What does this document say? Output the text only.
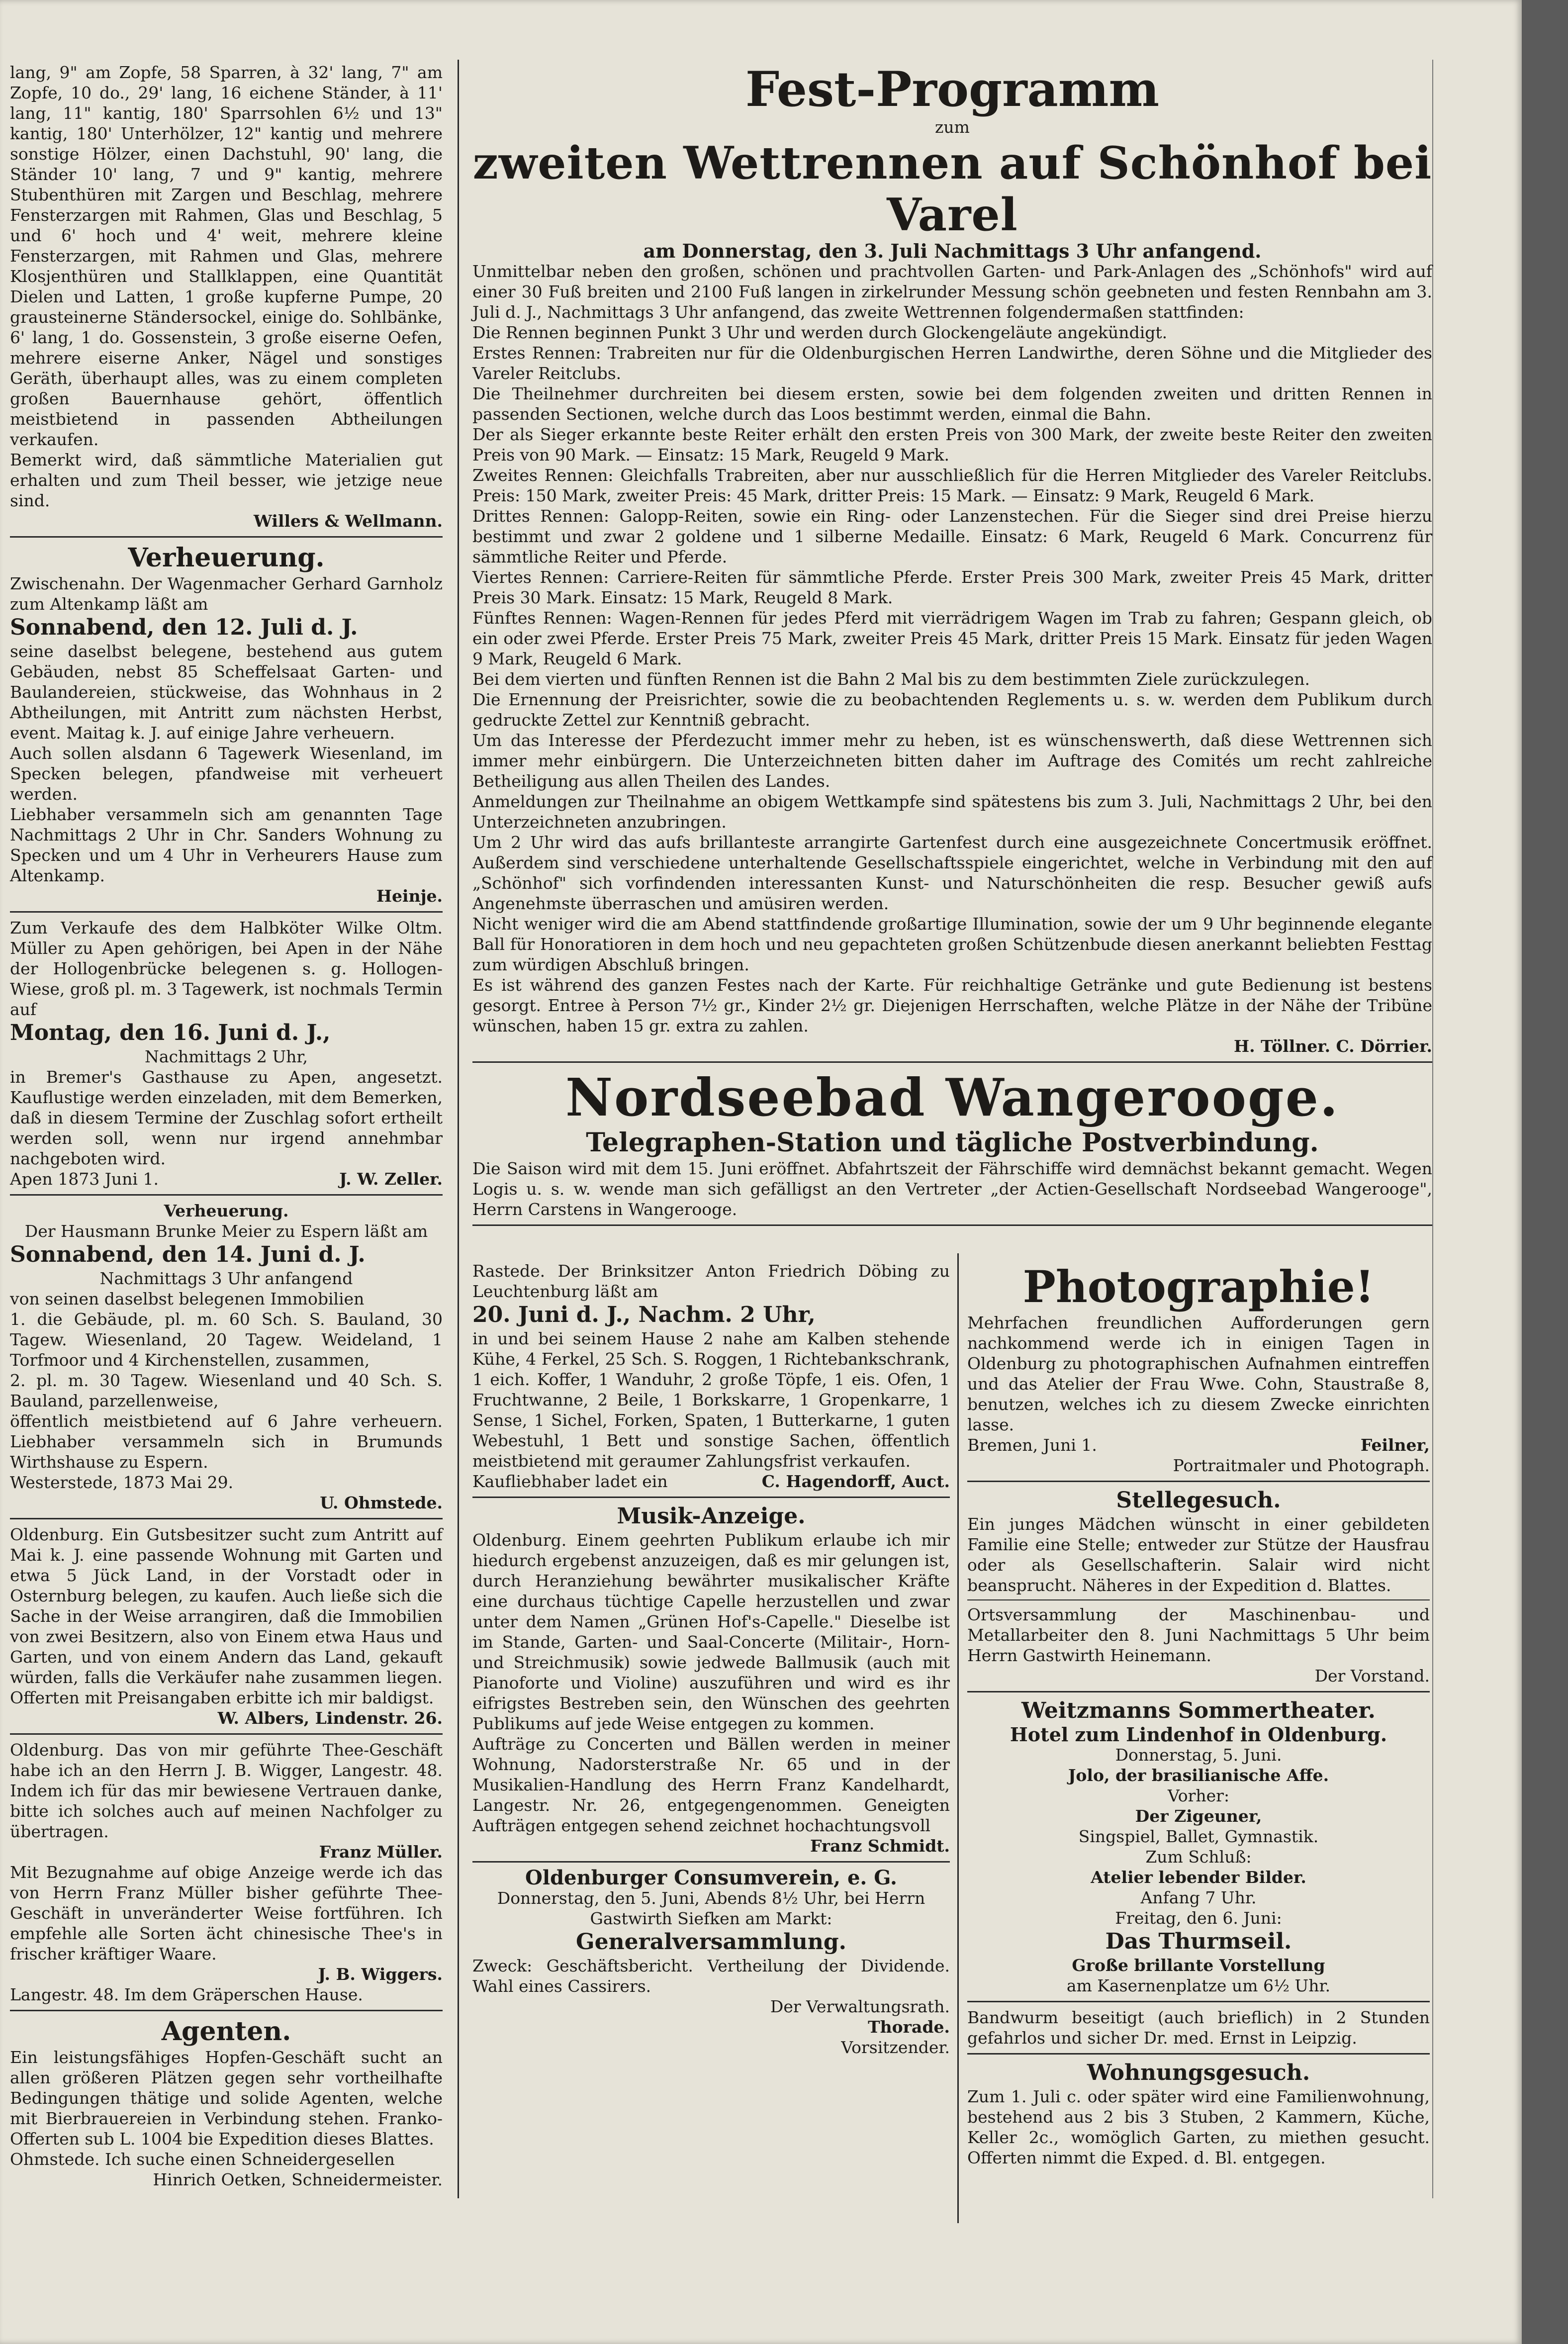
lang, 9" am Zopfe, 58 Sparren, à 32' lang, 7" am Zopfe, 10 do., 29' lang, 16 eichene Ständer, à 11' lang, 11" kantig, 180' Sparrsohlen 6½ und 13" kantig, 180' Unterhölzer, 12" kantig und mehrere sonstige Hölzer, einen Dachstuhl, 90' lang, die Ständer 10' lang, 7 und 9" kantig, mehrere Stubenthüren mit Zargen und Beschlag, mehrere Fensterzargen mit Rahmen, Glas und Beschlag, 5 und 6' hoch und 4' weit, mehrere kleine Fensterzargen, mit Rahmen und Glas, mehrere Klosjenthüren und Stallklappen, eine Quantität Dielen und Latten, 1 große kupferne Pumpe, 20 grausteinerne Ständersockel, einige do. Sohlbänke, 6' lang, 1 do. Gossenstein, 3 große eiserne Oefen, mehrere eiserne Anker, Nägel und sonstiges Geräth, überhaupt alles, was zu einem completen großen Bauernhause gehört, öffentlich meistbietend in passenden Abtheilungen verkaufen.

Bemerkt wird, daß sämmtliche Materialien gut erhalten und zum Theil besser, wie jetzige neue sind.

Willers & Wellmann.

Verheuerung.

Zwischenahn. Der Wagenmacher Gerhard Garnholz zum Altenkamp läßt am

Sonnabend, den 12. Juli d. J.

seine daselbst belegene, bestehend aus gutem Gebäuden, nebst 85 Scheffelsaat Garten- und Baulandereien, stückweise, das Wohnhaus in 2 Abtheilungen, mit Antritt zum nächsten Herbst, event. Maitag k. J. auf einige Jahre verheuern.

Auch sollen alsdann 6 Tagewerk Wiesenland, im Specken belegen, pfandweise mit verheuert werden.

Liebhaber versammeln sich am genannten Tage Nachmittags 2 Uhr in Chr. Sanders Wohnung zu Specken und um 4 Uhr in Verheurers Hause zum Altenkamp.

Heinje.

Zum Verkaufe des dem Halbköter Wilke Oltm. Müller zu Apen gehörigen, bei Apen in der Nähe der Hollogenbrücke belegenen s. g. Hollogen-Wiese, groß pl. m. 3 Tagewerk, ist nochmals Termin auf

Montag, den 16. Juni d. J.,

Nachmittags 2 Uhr,

in Bremer's Gasthause zu Apen, angesetzt. Kauflustige werden einzeladen, mit dem Bemerken, daß in diesem Termine der Zuschlag sofort ertheilt werden soll, wenn nur irgend annehmbar nachgeboten wird.

Apen 1873 Juni 1.	J. W. Zeller.

Verheuerung.

Der Hausmann Brunke Meier zu Espern läßt am

Sonnabend, den 14. Juni d. J.

Nachmittags 3 Uhr anfangend

von seinen daselbst belegenen Immobilien

1. die Gebäude, pl. m. 60 Sch. S. Bauland, 30 Tagew. Wiesenland, 20 Tagew. Weideland, 1 Torfmoor und 4 Kirchenstellen, zusammen,

2. pl. m. 30 Tagew. Wiesenland und 40 Sch. S. Bauland, parzellenweise,

öffentlich meistbietend auf 6 Jahre verheuern. Liebhaber versammeln sich in Brumunds Wirthshause zu Espern.

Westerstede, 1873 Mai 29.

U. Ohmstede.

Oldenburg. Ein Gutsbesitzer sucht zum Antritt auf Mai k. J. eine passende Wohnung mit Garten und etwa 5 Jück Land, in der Vorstadt oder in Osternburg belegen, zu kaufen. Auch ließe sich die Sache in der Weise arrangiren, daß die Immobilien von zwei Besitzern, also von Einem etwa Haus und Garten, und von einem Andern das Land, gekauft würden, falls die Verkäufer nahe zusammen liegen. Offerten mit Preisangaben erbitte ich mir baldigst.

W. Albers, Lindenstr. 26.

Oldenburg. Das von mir geführte Thee-Geschäft habe ich an den Herrn J. B. Wigger, Langestr. 48. Indem ich für das mir bewiesene Vertrauen danke, bitte ich solches auch auf meinen Nachfolger zu übertragen.

Franz Müller.

Mit Bezugnahme auf obige Anzeige werde ich das von Herrn Franz Müller bisher geführte Thee-Geschäft in unveränderter Weise fortführen. Ich empfehle alle Sorten ächt chinesische Thee's in frischer kräftiger Waare.

J. B. Wiggers.

Langestr. 48. Im dem Gräperschen Hause.

Agenten.

Ein leistungsfähiges Hopfen-Geschäft sucht an allen größeren Plätzen gegen sehr vortheilhafte Bedingungen thätige und solide Agenten, welche mit Bierbrauereien in Verbindung stehen. Franko-Offerten sub L. 1004 bie Expedition dieses Blattes.

Ohmstede. Ich suche einen Schneidergesellen

Hinrich Oetken, Schneidermeister.

Fest-Programm

zum

zweiten Wettrennen auf Schönhof bei Varel

am Donnerstag, den 3. Juli Nachmittags 3 Uhr anfangend.

Unmittelbar neben den großen, schönen und prachtvollen Garten- und Park-Anlagen des „Schönhofs" wird auf einer 30 Fuß breiten und 2100 Fuß langen in zirkelrunder Messung schön geebneten und festen Rennbahn am 3. Juli d. J., Nachmittags 3 Uhr anfangend, das zweite Wettrennen folgendermaßen stattfinden:

Die Rennen beginnen Punkt 3 Uhr und werden durch Glockengeläute angekündigt.

Erstes Rennen: Trabreiten nur für die Oldenburgischen Herren Landwirthe, deren Söhne und die Mitglieder des Vareler Reitclubs.

Die Theilnehmer durchreiten bei diesem ersten, sowie bei dem folgenden zweiten und dritten Rennen in passenden Sectionen, welche durch das Loos bestimmt werden, einmal die Bahn.

Der als Sieger erkannte beste Reiter erhält den ersten Preis von 300 Mark, der zweite beste Reiter den zweiten Preis von 90 Mark. — Einsatz: 15 Mark, Reugeld 9 Mark.

Zweites Rennen: Gleichfalls Trabreiten, aber nur ausschließlich für die Herren Mitglieder des Vareler Reitclubs. Preis: 150 Mark, zweiter Preis: 45 Mark, dritter Preis: 15 Mark. — Einsatz: 9 Mark, Reugeld 6 Mark.

Drittes Rennen: Galopp-Reiten, sowie ein Ring- oder Lanzenstechen. Für die Sieger sind drei Preise hierzu bestimmt und zwar 2 goldene und 1 silberne Medaille. Einsatz: 6 Mark, Reugeld 6 Mark. Concurrenz für sämmtliche Reiter und Pferde.

Viertes Rennen: Carriere-Reiten für sämmtliche Pferde. Erster Preis 300 Mark, zweiter Preis 45 Mark, dritter Preis 30 Mark. Einsatz: 15 Mark, Reugeld 8 Mark.

Fünftes Rennen: Wagen-Rennen für jedes Pferd mit vierrädrigem Wagen im Trab zu fahren; Gespann gleich, ob ein oder zwei Pferde. Erster Preis 75 Mark, zweiter Preis 45 Mark, dritter Preis 15 Mark. Einsatz für jeden Wagen 9 Mark, Reugeld 6 Mark.

Bei dem vierten und fünften Rennen ist die Bahn 2 Mal bis zu dem bestimmten Ziele zurückzulegen.

Die Ernennung der Preisrichter, sowie die zu beobachtenden Reglements u. s. w. werden dem Publikum durch gedruckte Zettel zur Kenntniß gebracht.

Um das Interesse der Pferdezucht immer mehr zu heben, ist es wünschenswerth, daß diese Wettrennen sich immer mehr einbürgern. Die Unterzeichneten bitten daher im Auftrage des Comités um recht zahlreiche Betheiligung aus allen Theilen des Landes.

Anmeldungen zur Theilnahme an obigem Wettkampfe sind spätestens bis zum 3. Juli, Nachmittags 2 Uhr, bei den Unterzeichneten anzubringen.

Um 2 Uhr wird das aufs brillanteste arrangirte Gartenfest durch eine ausgezeichnete Concertmusik eröffnet. Außerdem sind verschiedene unterhaltende Gesellschaftsspiele eingerichtet, welche in Verbindung mit den auf „Schönhof" sich vorfindenden interessanten Kunst- und Naturschönheiten die resp. Besucher gewiß aufs Angenehmste überraschen und amüsiren werden.

Nicht weniger wird die am Abend stattfindende großartige Illumination, sowie der um 9 Uhr beginnende elegante Ball für Honoratioren in dem hoch und neu gepachteten großen Schützenbude diesen anerkannt beliebten Festtag zum würdigen Abschluß bringen.

Es ist während des ganzen Festes nach der Karte. Für reichhaltige Getränke und gute Bedienung ist bestens gesorgt. Entree à Person 7½ gr., Kinder 2½ gr. Diejenigen Herrschaften, welche Plätze in der Nähe der Tribüne wünschen, haben 15 gr. extra zu zahlen.

H. Töllner. C. Dörrier.

Nordseebad Wangerooge.

Telegraphen-Station und tägliche Postverbindung.

Die Saison wird mit dem 15. Juni eröffnet. Abfahrtszeit der Fährschiffe wird demnächst bekannt gemacht. Wegen Logis u. s. w. wende man sich gefälligst an den Vertreter „der Actien-Gesellschaft Nordseebad Wangerooge", Herrn Carstens in Wangerooge.

Rastede. Der Brinksitzer Anton Friedrich Döbing zu Leuchtenburg läßt am

20. Juni d. J., Nachm. 2 Uhr,

in und bei seinem Hause 2 nahe am Kalben stehende Kühe, 4 Ferkel, 25 Sch. S. Roggen, 1 Richtebankschrank, 1 eich. Koffer, 1 Wanduhr, 2 große Töpfe, 1 eis. Ofen, 1 Fruchtwanne, 2 Beile, 1 Borkskarre, 1 Gropenkarre, 1 Sense, 1 Sichel, Forken, Spaten, 1 Butterkarne, 1 guten Webestuhl, 1 Bett und sonstige Sachen, öffentlich meistbietend mit geraumer Zahlungsfrist verkaufen.

Kaufliebhaber ladet ein	C. Hagendorff, Auct.

Musik-Anzeige.

Oldenburg. Einem geehrten Publikum erlaube ich mir hiedurch ergebenst anzuzeigen, daß es mir gelungen ist, durch Heranziehung bewährter musikalischer Kräfte eine durchaus tüchtige Capelle herzustellen und zwar unter dem Namen „Grünen Hof's-Capelle." Dieselbe ist im Stande, Garten- und Saal-Concerte (Militair-, Horn- und Streichmusik) sowie jedwede Ballmusik (auch mit Pianoforte und Violine) auszuführen und wird es ihr eifrigstes Bestreben sein, den Wünschen des geehrten Publikums auf jede Weise entgegen zu kommen.

Aufträge zu Concerten und Bällen werden in meiner Wohnung, Nadorsterstraße Nr. 65 und in der Musikalien-Handlung des Herrn Franz Kandelhardt, Langestr. Nr. 26, entgegengenommen. Geneigten Aufträgen entgegen sehend zeichnet hochachtungsvoll

Franz Schmidt.

Oldenburger Consumverein, e. G.

Donnerstag, den 5. Juni, Abends 8½ Uhr, bei Herrn Gastwirth Siefken am Markt:

Generalversammlung.

Zweck: Geschäftsbericht. Vertheilung der Dividende. Wahl eines Cassirers.

Der Verwaltungsrath.

Thorade.

Vorsitzender.

Photographie!

Mehrfachen freundlichen Aufforderungen gern nachkommend werde ich in einigen Tagen in Oldenburg zu photographischen Aufnahmen eintreffen und das Atelier der Frau Wwe. Cohn, Staustraße 8, benutzen, welches ich zu diesem Zwecke einrichten lasse.

Bremen, Juni 1.	Feilner,

Portraitmaler und Photograph.

Stellegesuch.

Ein junges Mädchen wünscht in einer gebildeten Familie eine Stelle; entweder zur Stütze der Hausfrau oder als Gesellschafterin. Salair wird nicht beansprucht. Näheres in der Expedition d. Blattes.

Ortsversammlung der Maschinenbau- und Metallarbeiter den 8. Juni Nachmittags 5 Uhr beim Herrn Gastwirth Heinemann.

Der Vorstand.

Weitzmanns Sommertheater.

Hotel zum Lindenhof in Oldenburg.

Donnerstag, 5. Juni.

Jolo, der brasilianische Affe.

Vorher:

Der Zigeuner,

Singspiel, Ballet, Gymnastik.

Zum Schluß:

Atelier lebender Bilder.

Anfang 7 Uhr.

Freitag, den 6. Juni:

Das Thurmseil.

Große brillante Vorstellung

am Kasernenplatze um 6½ Uhr.

Bandwurm beseitigt (auch brieflich) in 2 Stunden gefahrlos und sicher Dr. med. Ernst in Leipzig.

Wohnungsgesuch.

Zum 1. Juli c. oder später wird eine Familienwohnung, bestehend aus 2 bis 3 Stuben, 2 Kammern, Küche, Keller 2c., womöglich Garten, zu miethen gesucht. Offerten nimmt die Exped. d. Bl. entgegen.
